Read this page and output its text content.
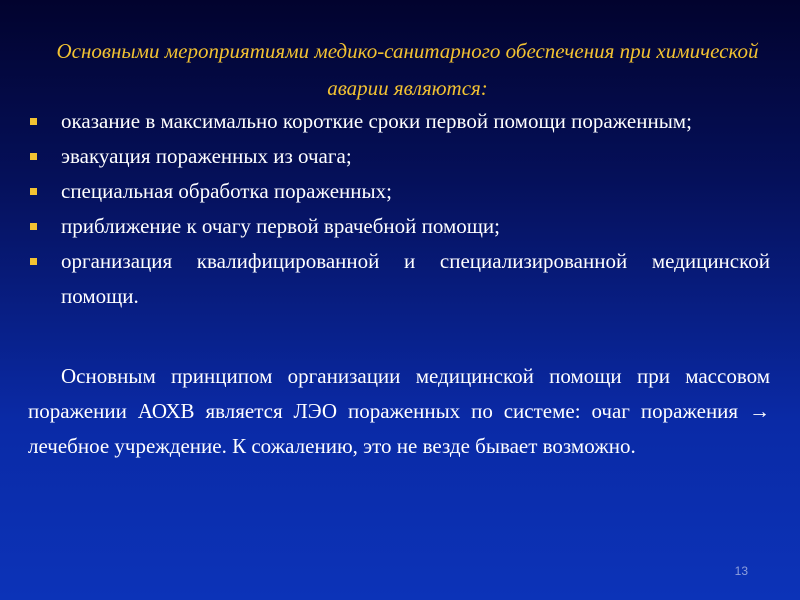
Основными мероприятиями медико-санитарного обеспечения при химической аварии являются:
оказание в максимально короткие сроки первой помощи пораженным;
эвакуация пораженных из очага;
специальная обработка пораженных;
приближение к очагу первой врачебной помощи;
организация квалифицированной и специализированной медицинской помощи.

Основным принципом организации медицинской помощи при массовом поражении АОХВ является ЛЭО пораженных по системе: очаг поражения → лечебное учреждение. К сожалению, это не везде бывает возможно.

13
